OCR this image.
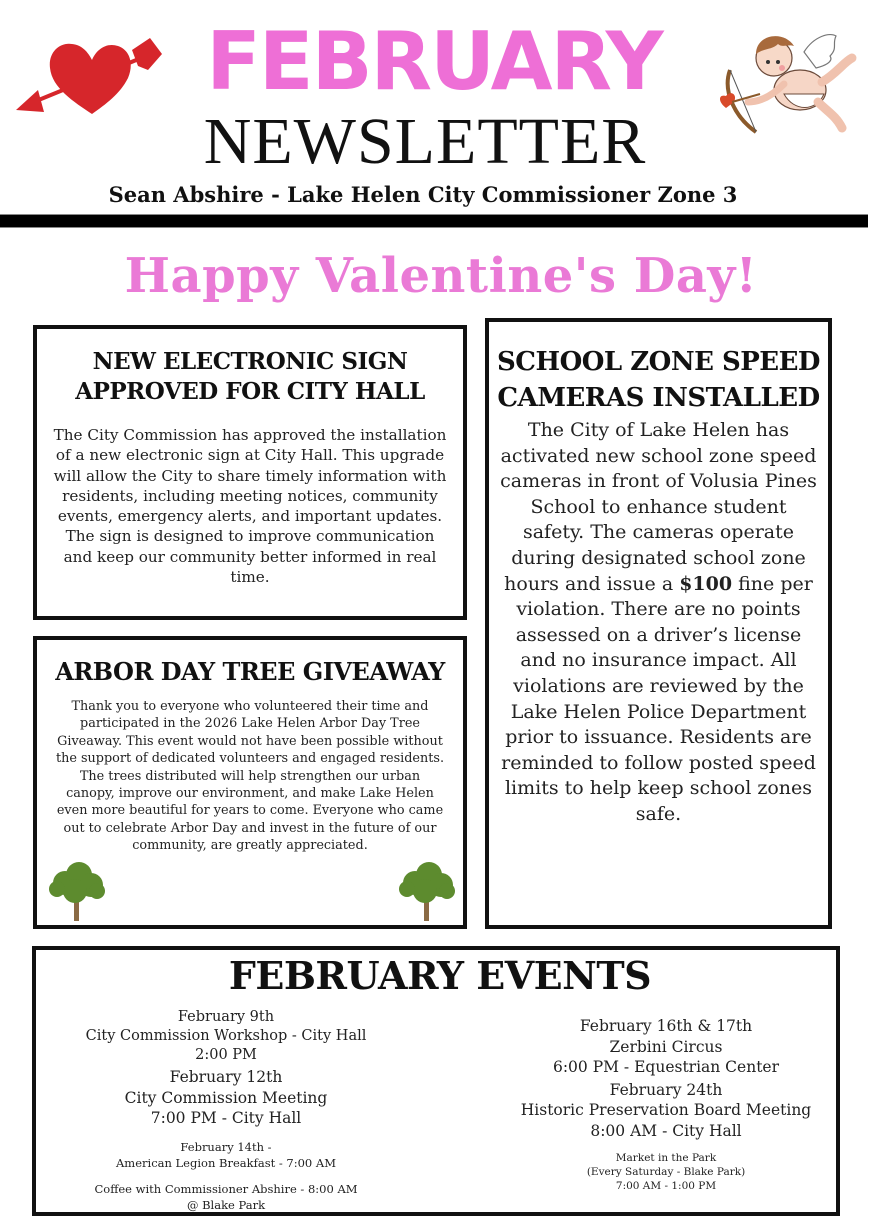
FEBRUARY
NEWSLETTER
Sean Abshire - Lake Helen City Commissioner Zone 3
Happy Valentine's Day!
NEW ELECTRONIC SIGN APPROVED FOR CITY HALL

The City Commission has approved the installation of a new electronic sign at City Hall. This upgrade will allow the City to share timely information with residents, including meeting notices, community events, emergency alerts, and important updates. The sign is designed to improve communication and keep our community better informed in real time.

ARBOR DAY TREE GIVEAWAY

Thank you to everyone who volunteered their time and participated in the 2026 Lake Helen Arbor Day Tree Giveaway. This event would not have been possible without the support of dedicated volunteers and engaged residents. The trees distributed will help strengthen our urban canopy, improve our environment, and make Lake Helen even more beautiful for years to come. Everyone who came out to celebrate Arbor Day and invest in the future of our community, are greatly appreciated.

SCHOOL ZONE SPEED CAMERAS INSTALLED

The City of Lake Helen has activated new school zone speed cameras in front of Volusia Pines School to enhance student safety. The cameras operate during designated school zone hours and issue a $100 fine per violation. There are no points assessed on a driver’s license and no insurance impact. All violations are reviewed by the Lake Helen Police Department prior to issuance. Residents are reminded to follow posted speed limits to help keep school zones safe.

FEBRUARY EVENTS
February 9th
City Commission Workshop - City Hall
2:00 PM
February 12th
City Commission Meeting
7:00 PM - City Hall
February 14th -
American Legion Breakfast - 7:00 AM
Coffee with Commissioner Abshire - 8:00 AM
@ Blake Park
February 16th & 17th
Zerbini Circus
6:00 PM - Equestrian Center
February 24th
Historic Preservation Board Meeting
8:00 AM - City Hall
Market in the Park
(Every Saturday - Blake Park)
7:00 AM - 1:00 PM
